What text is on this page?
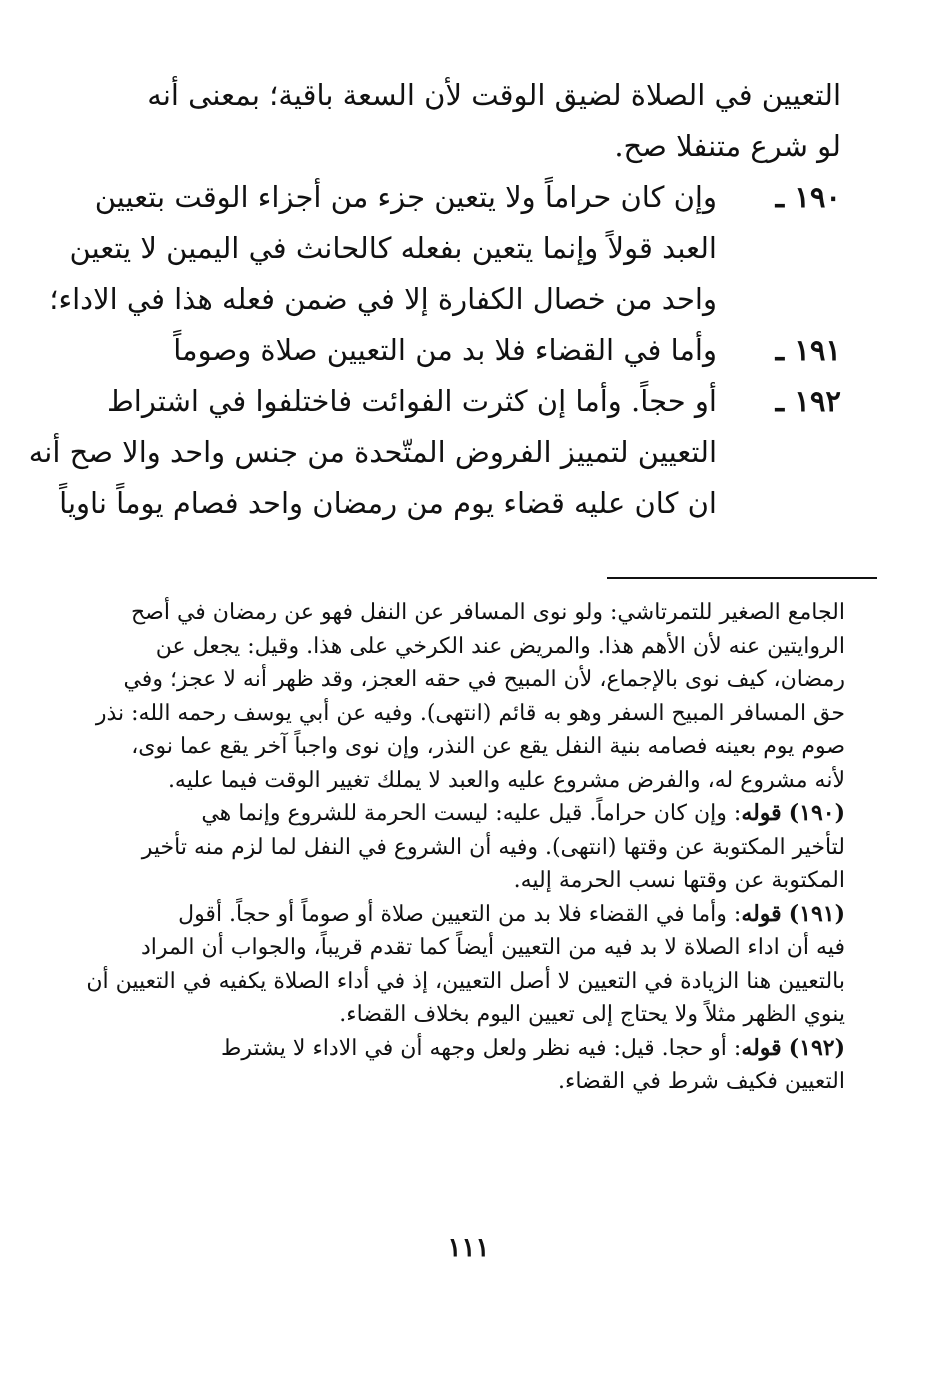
التعيين في الصلاة لضيق الوقت لأن السعة باقية؛ بمعنى أنه
لو شرع متنفلا صح.
١٩٠ ـوإن كان حراماً ولا يتعين جزء من أجزاء الوقت بتعيين
العبد قولاً وإنما يتعين بفعله كالحانث في اليمين لا يتعين
واحد من خصال الكفارة إلا في ضمن فعله هذا في الاداء؛
١٩١ ـوأما في القضاء فلا بد من التعيين صلاة وصوماً
١٩٢ ـأو حجاً. وأما إن كثرت الفوائت فاختلفوا في اشتراط
التعيين لتمييز الفروض المتّحدة من جنس واحد والا صح أنه
ان كان عليه قضاء يوم من رمضان واحد فصام يوماً ناوياً
الجامع الصغير للتمرتاشي: ولو نوى المسافر عن النفل فهو عن رمضان في أصح
الروايتين عنه لأن الأهم هذا. والمريض عند الكرخي على هذا. وقيل: يجعل عن
رمضان، كيف نوى بالإجماع، لأن المبيح في حقه العجز، وقد ظهر أنه لا عجز؛ وفي
حق المسافر المبيح السفر وهو به قائم (انتهى). وفيه عن أبي يوسف رحمه الله: نذر
صوم يوم بعينه فصامه بنية النفل يقع عن النذر، وإن نوى واجباً آخر يقع عما نوى،
لأنه مشروع له، والفرض مشروع عليه والعبد لا يملك تغيير الوقت فيما عليه.
(١٩٠) قوله: وإن كان حراماً. قيل عليه: ليست الحرمة للشروع وإنما هي
لتأخير المكتوبة عن وقتها (انتهى). وفيه أن الشروع في النفل لما لزم منه تأخير
المكتوبة عن وقتها نسب الحرمة إليه.
(١٩١) قوله: وأما في القضاء فلا بد من التعيين صلاة أو صوماً أو حجاً. أقول
فيه أن اداء الصلاة لا بد فيه من التعيين أيضاً كما تقدم قريباً، والجواب أن المراد
بالتعيين هنا الزيادة في التعيين لا أصل التعيين، إذ في أداء الصلاة يكفيه في التعيين أن
ينوي الظهر مثلاً ولا يحتاج إلى تعيين اليوم بخلاف القضاء.
(١٩٢) قوله: أو حجا. قيل: فيه نظر ولعل وجهه أن في الاداء لا يشترط
التعيين فكيف شرط في القضاء.
١١١
